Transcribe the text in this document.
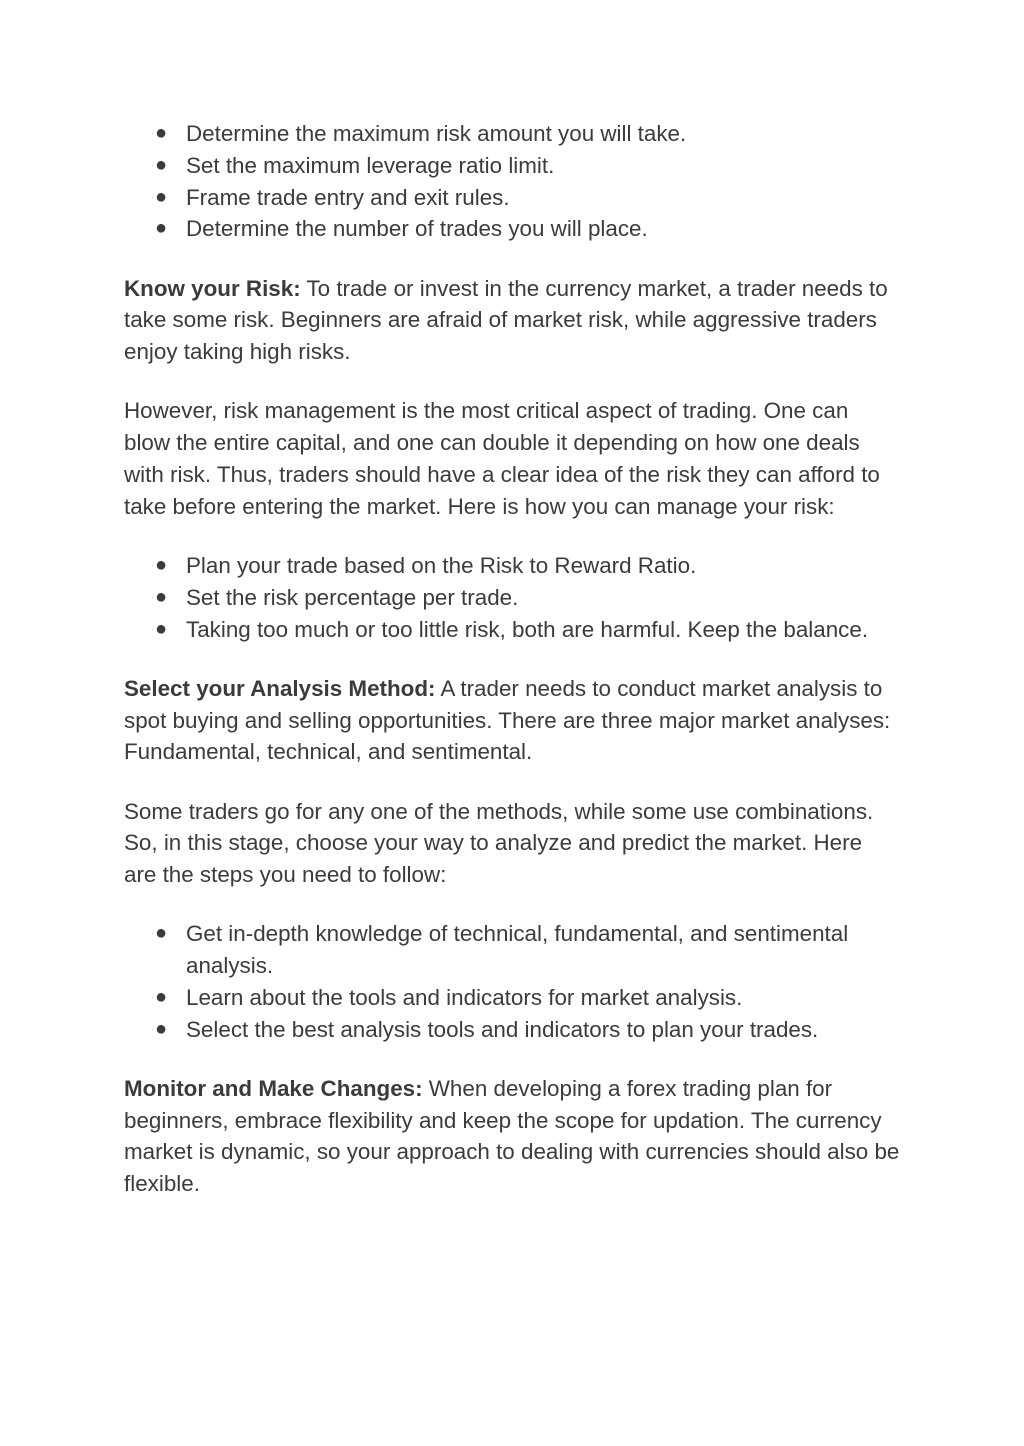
● Determine the maximum risk amount you will take.
● Set the maximum leverage ratio limit.
● Frame trade entry and exit rules.
● Determine the number of trades you will place.

Know your Risk: To trade or invest in the currency market, a trader needs to take some risk. Beginners are afraid of market risk, while aggressive traders enjoy taking high risks.

However, risk management is the most critical aspect of trading. One can blow the entire capital, and one can double it depending on how one deals with risk. Thus, traders should have a clear idea of the risk they can afford to take before entering the market. Here is how you can manage your risk:

● Plan your trade based on the Risk to Reward Ratio.
● Set the risk percentage per trade.
● Taking too much or too little risk, both are harmful. Keep the balance.

Select your Analysis Method: A trader needs to conduct market analysis to spot buying and selling opportunities. There are three major market analyses: Fundamental, technical, and sentimental.

Some traders go for any one of the methods, while some use combinations. So, in this stage, choose your way to analyze and predict the market. Here are the steps you need to follow:

● Get in-depth knowledge of technical, fundamental, and sentimental analysis.
● Learn about the tools and indicators for market analysis.
● Select the best analysis tools and indicators to plan your trades.

Monitor and Make Changes: When developing a forex trading plan for beginners, embrace flexibility and keep the scope for updation. The currency market is dynamic, so your approach to dealing with currencies should also be flexible.
